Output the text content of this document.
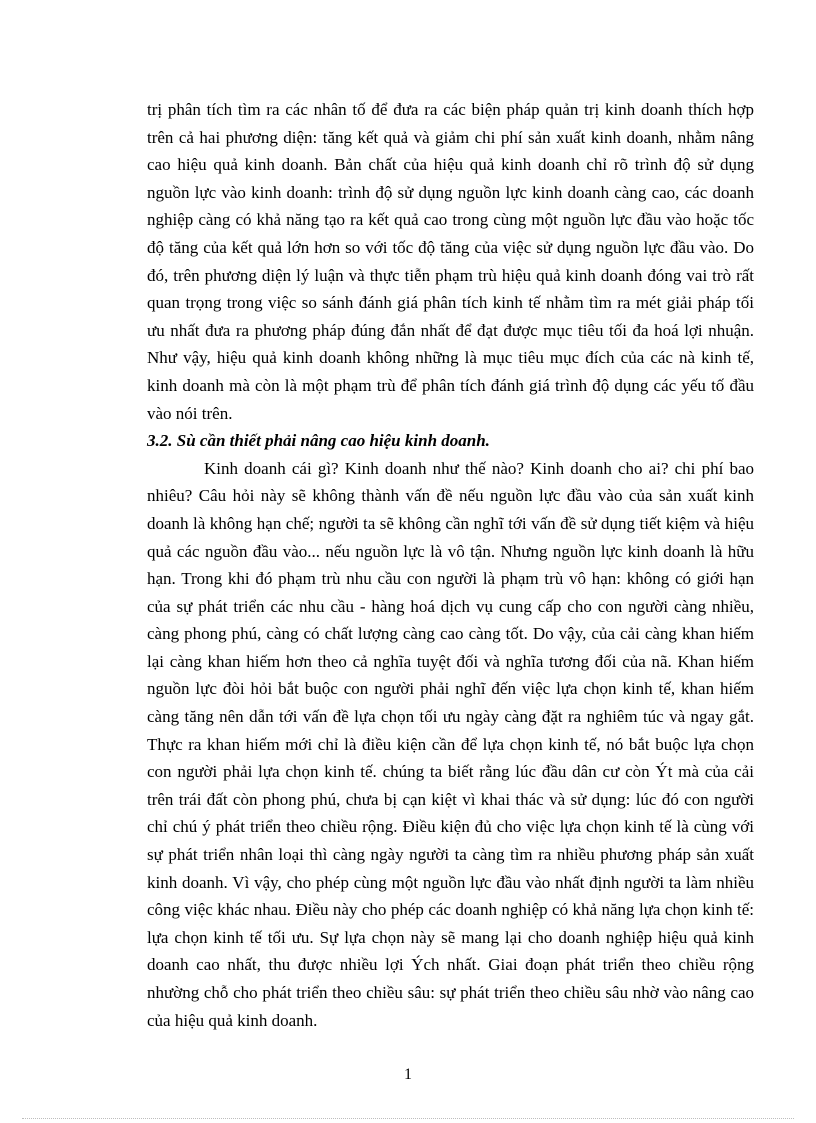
trị phân tích tìm ra các nhân tố để đưa ra các biện pháp quản trị kinh doanh thích hợp trên cả hai phương diện: tăng kết quả và giảm chi phí sản xuất kinh doanh, nhằm nâng cao hiệu quả kinh doanh. Bản chất của hiệu quả kinh doanh chỉ rõ trình độ sử dụng nguồn lực vào kinh doanh: trình độ sử dụng nguồn lực kinh doanh càng cao, các doanh nghiệp càng có khả năng tạo ra kết quả cao trong cùng một nguồn lực đầu vào hoặc tốc độ tăng của kết quả lớn hơn so với tốc độ tăng của việc sử dụng nguồn lực đầu vào. Do đó, trên phương diện lý luận và thực tiễn phạm trù hiệu quả kinh doanh đóng vai trò rất quan trọng trong việc so sánh đánh giá phân tích kinh tế nhằm tìm ra mét giải pháp tối ưu nhất đưa ra phương pháp đúng đắn nhất để đạt được mục tiêu tối đa hoá lợi nhuận. Như vậy, hiệu quả kinh doanh không những là mục tiêu mục đích của các nà kinh tế, kinh doanh mà còn là một phạm trù để phân tích đánh giá trình độ dụng các yếu tố đầu vào nói trên.

3.2. Sù cần thiết phải nâng cao hiệu kinh doanh.

Kinh doanh cái gì? Kinh doanh như thế nào? Kinh doanh cho ai? chi phí bao nhiêu? Câu hỏi này sẽ không thành vấn đề nếu nguồn lực đầu vào của sản xuất kinh doanh là không hạn chế; người ta sẽ không cần nghĩ tới vấn đề sử dụng tiết kiệm và hiệu quả các nguồn đầu vào... nếu nguồn lực là vô tận. Nhưng nguồn lực kinh doanh là hữu hạn. Trong khi đó phạm trù nhu cầu con người là phạm trù vô hạn: không có giới hạn của sự phát triển các nhu cầu - hàng hoá dịch vụ cung cấp cho con người càng nhiều, càng phong phú, càng có chất lượng càng cao càng tốt. Do vậy, của cải càng khan hiếm lại càng khan hiếm hơn theo cả nghĩa tuyệt đối và nghĩa tương đối của nã. Khan hiếm nguồn lực đòi hỏi bắt buộc con người phải nghĩ đến việc lựa chọn kinh tế, khan hiếm càng tăng nên dẫn tới vấn đề lựa chọn tối ưu ngày càng đặt ra nghiêm túc và ngay gắt. Thực ra khan hiếm mới chỉ là điều kiện cần để lựa chọn kinh tế, nó bắt buộc lựa chọn con người phải lựa chọn kinh tế. chúng ta biết rằng lúc đầu dân cư còn Ýt mà của cải trên trái đất còn phong phú, chưa bị cạn kiệt vì khai thác và sử dụng: lúc đó con người chỉ chú ý phát triển theo chiều rộng. Điều kiện đủ cho việc lựa chọn kinh tế là cùng với sự phát triển nhân loại thì càng ngày người ta càng tìm ra nhiều phương pháp sản xuất kinh doanh. Vì vậy, cho phép cùng một nguồn lực đầu vào nhất định người ta làm nhiều công việc khác nhau. Điều này cho phép các doanh nghiệp có khả năng lựa chọn kinh tế: lựa chọn kinh tế tối ưu. Sự lựa chọn này sẽ mang lại cho doanh nghiệp hiệu quả kinh doanh cao nhất, thu được nhiều lợi Ých nhất. Giai đoạn phát triển theo chiều rộng nhường chỗ cho phát triển theo chiều sâu: sự phát triển theo chiều sâu nhờ vào nâng cao của hiệu quả kinh doanh.

1
